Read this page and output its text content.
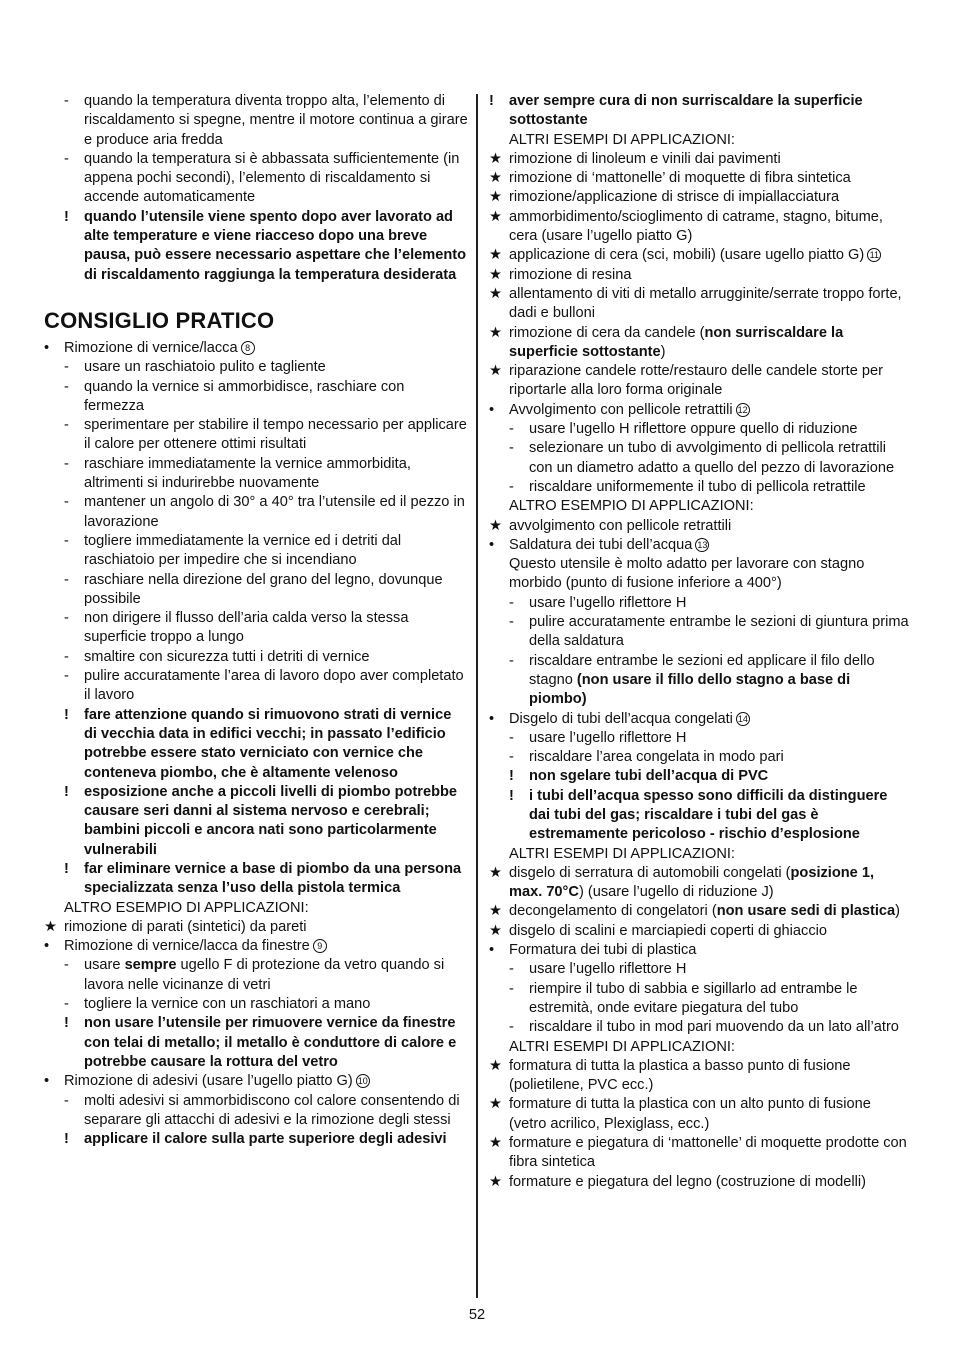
- quando la temperatura diventa troppo alta, l’elemento di riscaldamento si spegne, mentre il motore continua a girare e produce aria fredda
- quando la temperatura si è abbassata sufficientemente (in appena pochi secondi), l’elemento di riscaldamento si accende automaticamente
! quando l’utensile viene spento dopo aver lavorato ad alte temperature e viene riacceso dopo una breve pausa, può essere necessario aspettare che l’elemento di riscaldamento raggiunga la temperatura desiderata
CONSIGLIO PRATICO
• Rimozione di vernice/lacca 8
- usare un raschiatoio pulito e tagliente
- quando la vernice si ammorbidisce, raschiare con fermezza
- sperimentare per stabilire il tempo necessario per applicare il calore per ottenere ottimi risultati
- raschiare immediatamente la vernice ammorbidita, altrimenti si indurirebbe nuovamente
- mantener un angolo di 30° a 40° tra l’utensile ed il pezzo in lavorazione
- togliere immediatamente la vernice ed i detriti dal raschiatoio per impedire che si incendiano
- raschiare nella direzione del grano del legno, dovunque possibile
- non dirigere il flusso dell’aria calda verso la stessa superficie troppo a lungo
- smaltire con sicurezza tutti i detriti di vernice
- pulire accuratamente l’area di lavoro dopo aver completato il lavoro
! fare attenzione quando si rimuovono strati di vernice di vecchia data in edifici vecchi; in passato l’edificio potrebbe essere stato verniciato con vernice che conteneva piombo, che è altamente velenoso
! esposizione anche a piccoli livelli di piombo potrebbe causare seri danni al sistema nervoso e cerebrali; bambini piccoli e ancora nati sono particolarmente vulnerabili
! far eliminare vernice a base di piombo da una persona specializzata senza l’uso della pistola termica
ALTRO ESEMPIO DI APPLICAZIONI:
★ rimozione di parati (sintetici) da pareti
• Rimozione di vernice/lacca da finestre 9
- usare sempre ugello F di protezione da vetro quando si lavora nelle vicinanze di vetri
- togliere la vernice con un raschiatori a mano
! non usare l’utensile per rimuovere vernice da finestre con telai di metallo; il metallo è conduttore di calore e potrebbe causare la rottura del vetro
• Rimozione di adesivi (usare l’ugello piatto G) 10
- molti adesivi si ammorbidiscono col calore consentendo di separare gli attacchi di adesivi e la rimozione degli stessi
! applicare il calore sulla parte superiore degli adesivi
! aver sempre cura di non surriscaldare la superficie sottostante
ALTRI ESEMPI DI APPLICAZIONI:
★ rimozione di linoleum e vinili dai pavimenti
★ rimozione di ‘mattonelle’ di moquette di fibra sintetica
★ rimozione/applicazione di strisce di impiallacciatura
★ ammorbidimento/scioglimento di catrame, stagno, bitume, cera (usare l’ugello piatto G)
★ applicazione di cera (sci, mobili) (usare ugello piatto G) 11
★ rimozione di resina
★ allentamento di viti di metallo arrugginite/serrate troppo forte, dadi e bulloni
★ rimozione di cera da candele (non surriscaldare la superficie sottostante)
★ riparazione candele rotte/restauro delle candele storte per riportarle alla loro forma originale
• Avvolgimento con pellicole retrattili 12
- usare l’ugello H riflettore oppure quello di riduzione
- selezionare un tubo di avvolgimento di pellicola retrattili con un diametro adatto a quello del pezzo di lavorazione
- riscaldare uniformemente il tubo di pellicola retrattile
ALTRO ESEMPIO DI APPLICAZIONI:
★ avvolgimento con pellicole retrattili
• Saldatura dei tubi dell’acqua 13
Questo utensile è molto adatto per lavorare con stagno morbido (punto di fusione inferiore a 400°)
- usare l’ugello riflettore H
- pulire accuratamente entrambe le sezioni di giuntura prima della saldatura
- riscaldare entrambe le sezioni ed applicare il filo dello stagno (non usare il fillo dello stagno a base di piombo)
• Disgelo di tubi dell’acqua congelati 14
- usare l’ugello riflettore H
- riscaldare l’area congelata in modo pari
! non sgelare tubi dell’acqua di PVC
! i tubi dell’acqua spesso sono difficili da distinguere dai tubi del gas; riscaldare i tubi del gas è estremamente pericoloso - rischio d’esplosione
ALTRI ESEMPI DI APPLICAZIONI:
★ disgelo di serratura di automobili congelati (posizione 1, max. 70°C) (usare l’ugello di riduzione J)
★ decongelamento di congelatori (non usare sedi di plastica)
★ disgelo di scalini e marciapiedi coperti di ghiaccio
• Formatura dei tubi di plastica
- usare l’ugello riflettore H
- riempire il tubo di sabbia e sigillarlo ad entrambe le estremità, onde evitare piegatura del tubo
- riscaldare il tubo in mod pari muovendo da un lato all’atro
ALTRI ESEMPI DI APPLICAZIONI:
★ formatura di tutta la plastica a basso punto di fusione (polietilene, PVC ecc.)
★ formature di tutta la plastica con un alto punto di fusione (vetro acrilico, Plexiglass, ecc.)
★ formature e piegatura di ‘mattonelle’ di moquette prodotte con fibra sintetica
★ formature e piegatura del legno (costruzione di modelli)
52
